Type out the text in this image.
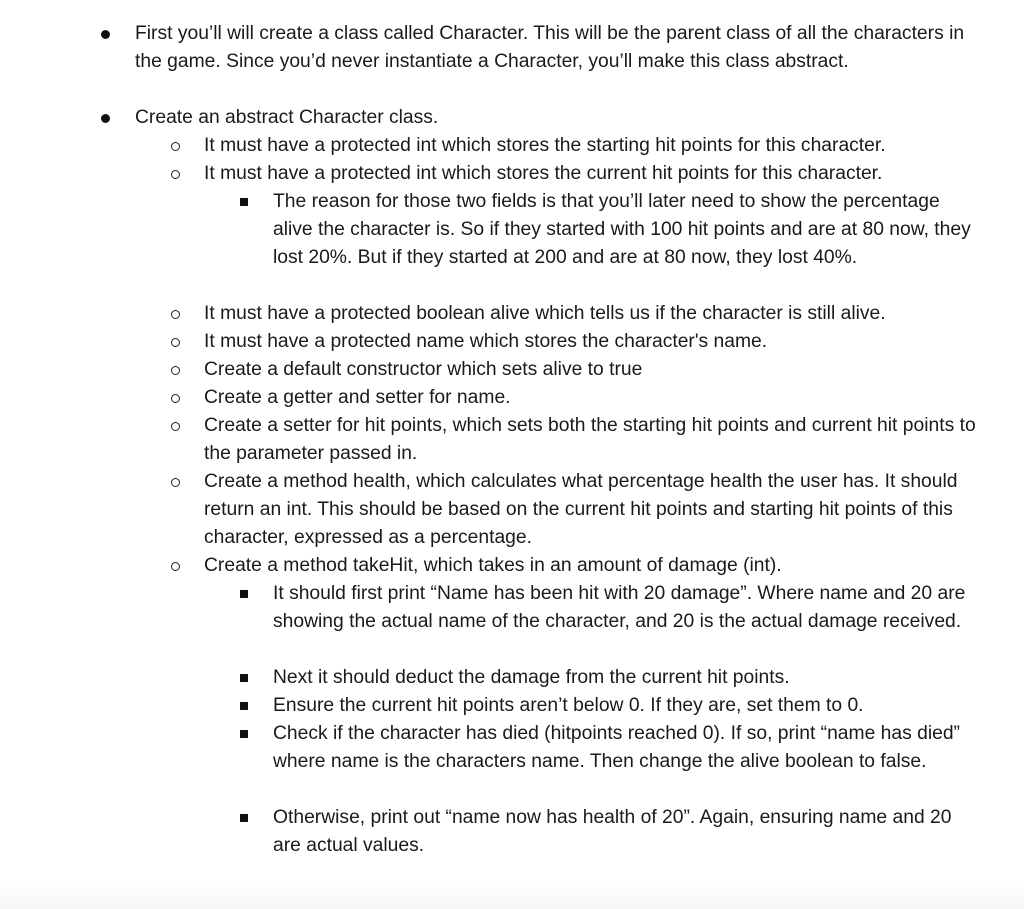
First you’ll will create a class called Character. This will be the parent class of all the characters in the game. Since you’d never instantiate a Character, you’ll make this class abstract.
Create an abstract Character class.
It must have a protected int which stores the starting hit points for this character.
It must have a protected int which stores the current hit points for this character.
The reason for those two fields is that you’ll later need to show the percentage alive the character is. So if they started with 100 hit points and are at 80 now, they lost 20%. But if they started at 200 and are at 80 now, they lost 40%.
It must have a protected boolean alive which tells us if the character is still alive.
It must have a protected name which stores the character's name.
Create a default constructor which sets alive to true
Create a getter and setter for name.
Create a setter for hit points, which sets both the starting hit points and current hit points to the parameter passed in.
Create a method health, which calculates what percentage health the user has. It should return an int. This should be based on the current hit points and starting hit points of this character, expressed as a percentage.
Create a method takeHit, which takes in an amount of damage (int).
It should first print “Name has been hit with 20 damage”. Where name and 20 are showing the actual name of the character, and 20 is the actual damage received.
Next it should deduct the damage from the current hit points.
Ensure the current hit points aren’t below 0. If they are, set them to 0.
Check if the character has died (hitpoints reached 0). If so, print “name has died” where name is the characters name. Then change the alive boolean to false.
Otherwise, print out “name now has health of 20”. Again, ensuring name and 20 are actual values.
